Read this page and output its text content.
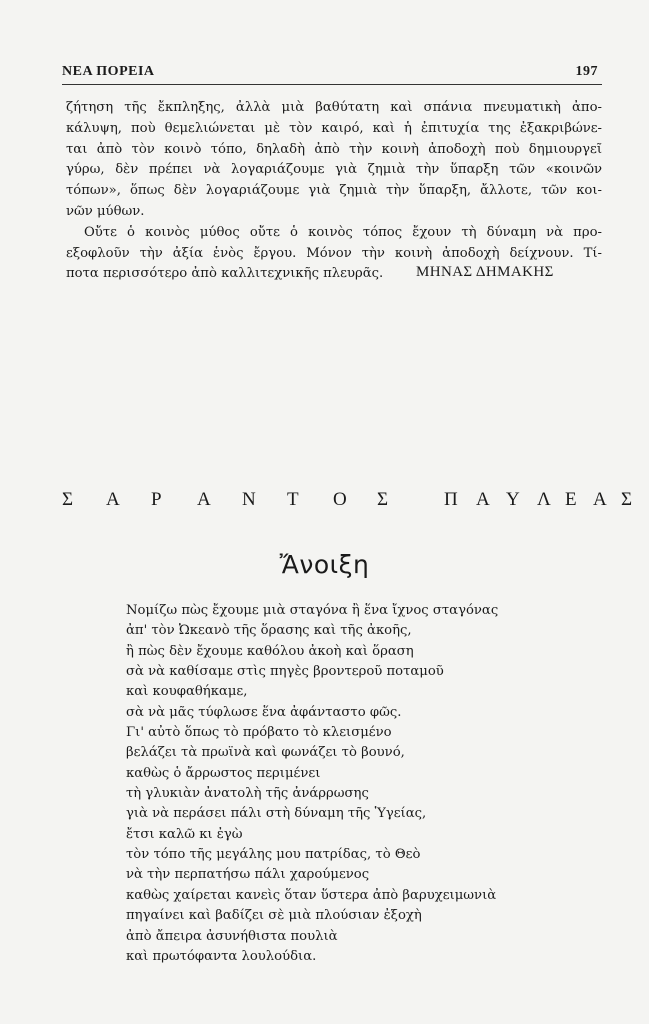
ΝΕΑ ΠΟΡΕΙΑ	197
ζήτηση τῆς ἔκπληξης, ἀλλὰ μιὰ βαθύτατη καὶ σπάνια πνευματικὴ ἀπο-
κάλυψη, ποὺ θεμελιώνεται μὲ τὸν καιρό, καὶ ἡ ἐπιτυχία της ἐξακριβώνε-
ται ἀπὸ τὸν κοινὸ τόπο, δηλαδὴ ἀπὸ τὴν κοινὴ ἀποδοχὴ ποὺ δημιουργεῖ
γύρω, δὲν πρέπει νὰ λογαριάζουμε γιὰ ζημιὰ τὴν ὕπαρξη τῶν «κοινῶν
τόπων», ὅπως δὲν λογαριάζουμε γιὰ ζημιὰ τὴν ὕπαρξη, ἄλλοτε, τῶν κοι-
νῶν μύθων.
Οὔτε ὁ κοινὸς μύθος οὔτε ὁ κοινὸς τόπος ἔχουν τὴ δύναμη νὰ προ-
εξοφλοῦν τὴν ἀξία ἑνὸς ἔργου. Μόνον τὴν κοινὴ ἀποδοχὴ δείχνουν. Τί-
ποτα περισσότερο ἀπὸ καλλιτεχνικῆς πλευρᾶς.	ΜΗΝΑΣ ΔΗΜΑΚΗΣ
Σ Α Ρ Α Ν Τ Ο Σ	Π Α Υ Λ Ε Α Σ
Ἄνοιξη
Νομίζω πὼς ἔχουμε μιὰ σταγόνα ἢ ἕνα ἴχνος σταγόνας
ἀπ' τὸν Ὠκεανὸ τῆς ὅρασης καὶ τῆς ἀκοῆς,
ἢ πὼς δὲν ἔχουμε καθόλου ἀκοὴ καὶ ὅραση
σὰ νὰ καθίσαμε στὶς πηγὲς βροντεροῦ ποταμοῦ
καὶ κουφαθήκαμε,
σὰ νὰ μᾶς τύφλωσε ἕνα ἀφάνταστο φῶς.
Γι' αὐτὸ ὅπως τὸ πρόβατο τὸ κλεισμένο
βελάζει τὰ πρωϊνὰ καὶ φωνάζει τὸ βουνό,
καθὼς ὁ ἄρρωστος περιμένει
τὴ γλυκιὰν ἀνατολὴ τῆς ἀνάρρωσης
γιὰ νὰ περάσει πάλι στὴ δύναμη τῆς Ὑγείας,
ἔτσι καλῶ κι ἐγὼ
τὸν τόπο τῆς μεγάλης μου πατρίδας, τὸ Θεὸ
νὰ τὴν περπατήσω πάλι χαρούμενος
καθὼς χαίρεται κανεὶς ὅταν ὕστερα ἀπὸ βαρυχειμωνιὰ
πηγαίνει καὶ βαδίζει σὲ μιὰ πλούσιαν ἐξοχὴ
ἀπὸ ἄπειρα ἀσυνήθιστα πουλιὰ
καὶ πρωτόφαντα λουλούδια.
